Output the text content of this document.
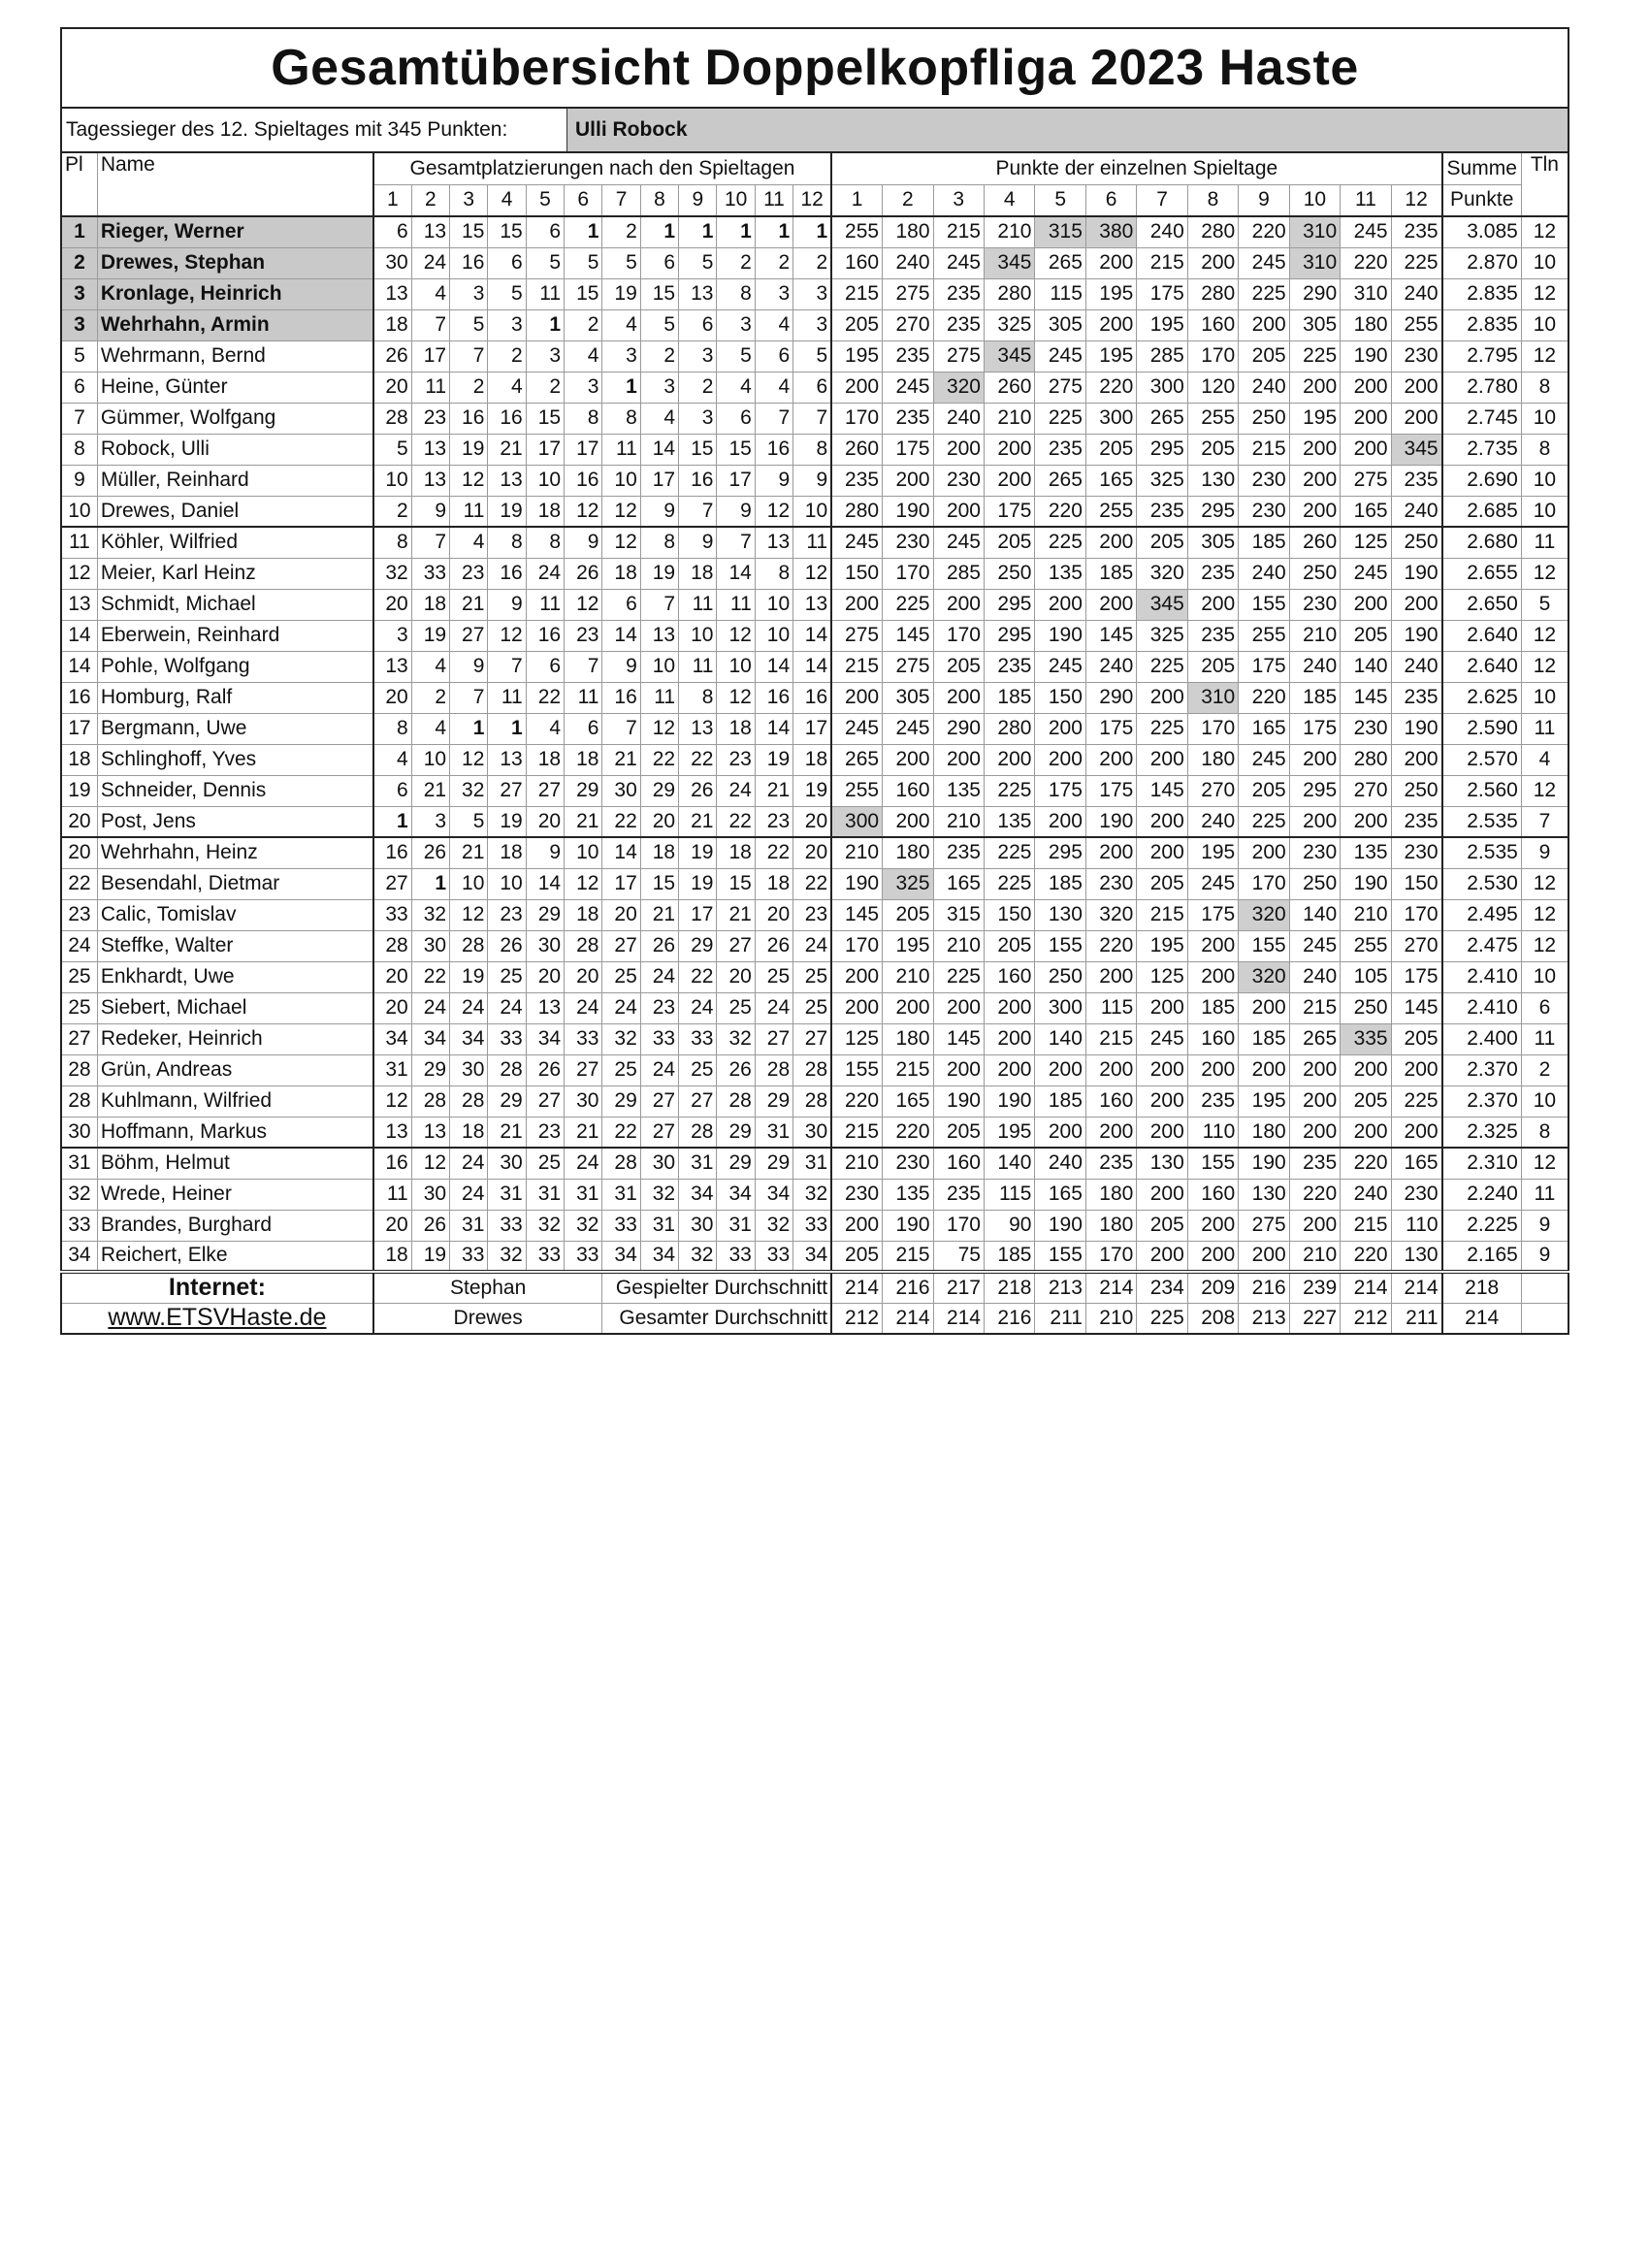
Gesamtübersicht Doppelkopfliga 2023 Haste
Tagessieger des 12. Spieltages mit 345 Punkten:	Ulli Robock
Pl	Name	Gesamtplatzierungen nach den Spieltagen												Punkte der einzelnen Spieltage												Summe	Tln
		1	2	3	4	5	6	7	8	9	10	11	12	1	2	3	4	5	6	7	8	9	10	11	12	Punkte	
1	Rieger, Werner	6	13	15	15	6	1	2	1	1	1	1	1	255	180	215	210	315	380	240	280	220	310	245	235	3.085	12
2	Drewes, Stephan	30	24	16	6	5	5	5	6	5	2	2	2	160	240	245	345	265	200	215	200	245	310	220	225	2.870	10
3	Kronlage, Heinrich	13	4	3	5	11	15	19	15	13	8	3	3	215	275	235	280	115	195	175	280	225	290	310	240	2.835	12
3	Wehrhahn, Armin	18	7	5	3	1	2	4	5	6	3	4	3	205	270	235	325	305	200	195	160	200	305	180	255	2.835	10
5	Wehrmann, Bernd	26	17	7	2	3	4	3	2	3	5	6	5	195	235	275	345	245	195	285	170	205	225	190	230	2.795	12
6	Heine, Günter	20	11	2	4	2	3	1	3	2	4	4	6	200	245	320	260	275	220	300	120	240	200	200	200	2.780	8
7	Gümmer, Wolfgang	28	23	16	16	15	8	8	4	3	6	7	7	170	235	240	210	225	300	265	255	250	195	200	200	2.745	10
8	Robock, Ulli	5	13	19	21	17	17	11	14	15	15	16	8	260	175	200	200	235	205	295	205	215	200	200	345	2.735	8
9	Müller, Reinhard	10	13	12	13	10	16	10	17	16	17	9	9	235	200	230	200	265	165	325	130	230	200	275	235	2.690	10
10	Drewes, Daniel	2	9	11	19	18	12	12	9	7	9	12	10	280	190	200	175	220	255	235	295	230	200	165	240	2.685	10
11	Köhler, Wilfried	8	7	4	8	8	9	12	8	9	7	13	11	245	230	245	205	225	200	205	305	185	260	125	250	2.680	11
12	Meier, Karl Heinz	32	33	23	16	24	26	18	19	18	14	8	12	150	170	285	250	135	185	320	235	240	250	245	190	2.655	12
13	Schmidt, Michael	20	18	21	9	11	12	6	7	11	11	10	13	200	225	200	295	200	200	345	200	155	230	200	200	2.650	5
14	Eberwein, Reinhard	3	19	27	12	16	23	14	13	10	12	10	14	275	145	170	295	190	145	325	235	255	210	205	190	2.640	12
14	Pohle, Wolfgang	13	4	9	7	6	7	9	10	11	10	14	14	215	275	205	235	245	240	225	205	175	240	140	240	2.640	12
16	Homburg, Ralf	20	2	7	11	22	11	16	11	8	12	16	16	200	305	200	185	150	290	200	310	220	185	145	235	2.625	10
17	Bergmann, Uwe	8	4	1	1	4	6	7	12	13	18	14	17	245	245	290	280	200	175	225	170	165	175	230	190	2.590	11
18	Schlinghoff, Yves	4	10	12	13	18	18	21	22	22	23	19	18	265	200	200	200	200	200	200	180	245	200	280	200	2.570	4
19	Schneider, Dennis	6	21	32	27	27	29	30	29	26	24	21	19	255	160	135	225	175	175	145	270	205	295	270	250	2.560	12
20	Post, Jens	1	3	5	19	20	21	22	20	21	22	23	20	300	200	210	135	200	190	200	240	225	200	200	235	2.535	7
20	Wehrhahn, Heinz	16	26	21	18	9	10	14	18	19	18	22	20	210	180	235	225	295	200	200	195	200	230	135	230	2.535	9
22	Besendahl, Dietmar	27	1	10	10	14	12	17	15	19	15	18	22	190	325	165	225	185	230	205	245	170	250	190	150	2.530	12
23	Calic, Tomislav	33	32	12	23	29	18	20	21	17	21	20	23	145	205	315	150	130	320	215	175	320	140	210	170	2.495	12
24	Steffke, Walter	28	30	28	26	30	28	27	26	29	27	26	24	170	195	210	205	155	220	195	200	155	245	255	270	2.475	12
25	Enkhardt, Uwe	20	22	19	25	20	20	25	24	22	20	25	25	200	210	225	160	250	200	125	200	320	240	105	175	2.410	10
25	Siebert, Michael	20	24	24	24	13	24	24	23	24	25	24	25	200	200	200	200	300	115	200	185	200	215	250	145	2.410	6
27	Redeker, Heinrich	34	34	34	33	34	33	32	33	33	32	27	27	125	180	145	200	140	215	245	160	185	265	335	205	2.400	11
28	Grün, Andreas	31	29	30	28	26	27	25	24	25	26	28	28	155	215	200	200	200	200	200	200	200	200	200	200	2.370	2
28	Kuhlmann, Wilfried	12	28	28	29	27	30	29	27	27	28	29	28	220	165	190	190	185	160	200	235	195	200	205	225	2.370	10
30	Hoffmann, Markus	13	13	18	21	23	21	22	27	28	29	31	30	215	220	205	195	200	200	200	110	180	200	200	200	2.325	8
31	Böhm, Helmut	16	12	24	30	25	24	28	30	31	29	29	31	210	230	160	140	240	235	130	155	190	235	220	165	2.310	12
32	Wrede, Heiner	11	30	24	31	31	31	31	32	34	34	34	32	230	135	235	115	165	180	200	160	130	220	240	230	2.240	11
33	Brandes, Burghard	20	26	31	33	32	32	33	31	30	31	32	33	200	190	170	90	190	180	205	200	275	200	215	110	2.225	9
34	Reichert, Elke	18	19	33	32	33	33	34	34	32	33	33	34	205	215	75	185	155	170	200	200	200	210	220	130	2.165	9
Internet:		Stephan						Gespielter Durchschnitt						214	216	217	218	213	214	234	209	216	239	214	214	218	
www.ETSVHaste.de		Drewes						Gesamter Durchschnitt						212	214	214	216	211	210	225	208	213	227	212	211	214	
